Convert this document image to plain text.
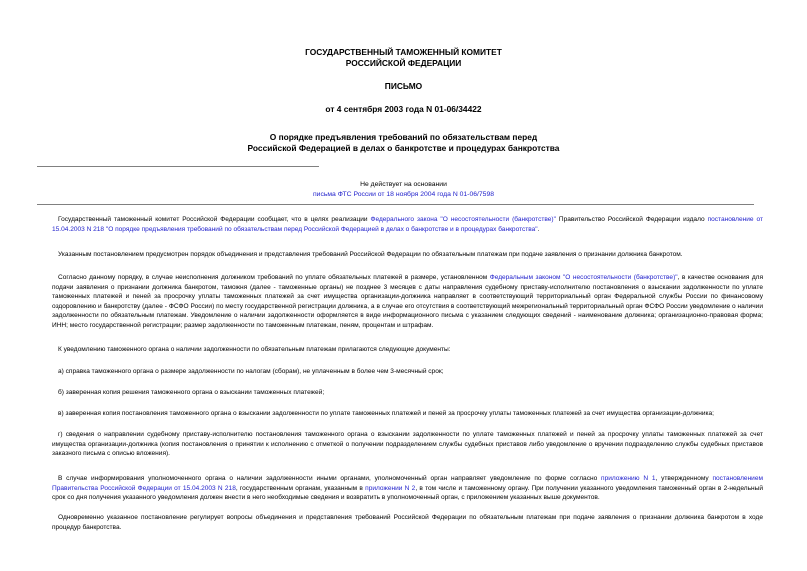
ГОСУДАРСТВЕННЫЙ ТАМОЖЕННЫЙ КОМИТЕТ
РОССИЙСКОЙ ФЕДЕРАЦИИ
ПИСЬМО
от 4 сентября 2003 года N 01-06/34422
О порядке предъявления требований по обязательствам перед
Российской Федерацией в делах о банкротстве и процедурах банкротства
Не действует на основании
письма ФТС России от 18 ноября 2004 года N 01-06/7598

Государственный таможенный комитет Российской Федерации сообщает, что в целях реализации Федерального закона "О несостоятельности (банкротстве)" Правительство Российской Федерации издало постановление от 15.04.2003 N 218 "О порядке предъявления требований по обязательствам перед Российской Федерацией в делах о банкротстве и в процедурах банкротства".

Указанным постановлением предусмотрен порядок объединения и представления требований Российской Федерации по обязательным платежам при подаче заявления о признании должника банкротом.

Согласно данному порядку, в случае неисполнения должником требований по уплате обязательных платежей в размере, установленном Федеральным законом "О несостоятельности (банкротстве)", в качестве основания для подачи заявления о признании должника банкротом, таможня (далее - таможенные органы) не позднее 3 месяцев с даты направления судебному приставу-исполнителю постановления о взыскании задолженности по уплате таможенных платежей и пеней за просрочку уплаты таможенных платежей за счет имущества организации-должника направляет в соответствующий территориальный орган Федеральной службы России по финансовому оздоровлению и банкротству (далее - ФСФО России) по месту государственной регистрации должника, а в случае его отсутствия в соответствующий межрегиональный территориальный орган ФСФО России уведомление о наличии задолженности по обязательным платежам. Уведомление о наличии задолженности оформляется в виде информационного письма с указанием следующих сведений - наименование должника; организационно-правовая форма; ИНН; место государственной регистрации; размер задолженности по таможенным платежам, пеням, процентам и штрафам.

К уведомлению таможенного органа о наличии задолженности по обязательным платежам прилагаются следующие документы:

а) справка таможенного органа о размере задолженности по налогам (сборам), не уплаченным в более чем 3-месячный срок;

б) заверенная копия решения таможенного органа о взыскании таможенных платежей;

в) заверенная копия постановления таможенного органа о взыскании задолженности по уплате таможенных платежей и пеней за просрочку уплаты таможенных платежей за счет имущества организации-должника;

г) сведения о направлении судебному приставу-исполнителю постановления таможенного органа о взыскании задолженности по уплате таможенных платежей и пеней за просрочку уплаты таможенных платежей за счет имущества организации-должника (копия постановления о принятии к исполнению с отметкой о получении подразделением службы судебных приставов либо уведомление о вручении подразделению службы судебных приставов заказного письма с описью вложения).

В случае информирования уполномоченного органа о наличии задолженности иными органами, уполномоченный орган направляет уведомление по форме согласно приложению N 1, утвержденному постановлением Правительства Российской Федерации от 15.04.2003 N 218, государственным органам, указанным в приложении N 2, в том числе и таможенному органу. При получении указанного уведомления таможенный орган в 2-недельный срок со дня получения указанного уведомления должен внести в него необходимые сведения и возвратить в уполномоченный орган, с приложением указанных выше документов.

Одновременно указанное постановление регулирует вопросы объединения и представления требований Российской Федерации по обязательным платежам при подаче заявления о признании должника банкротом в ходе процедур банкротства.
